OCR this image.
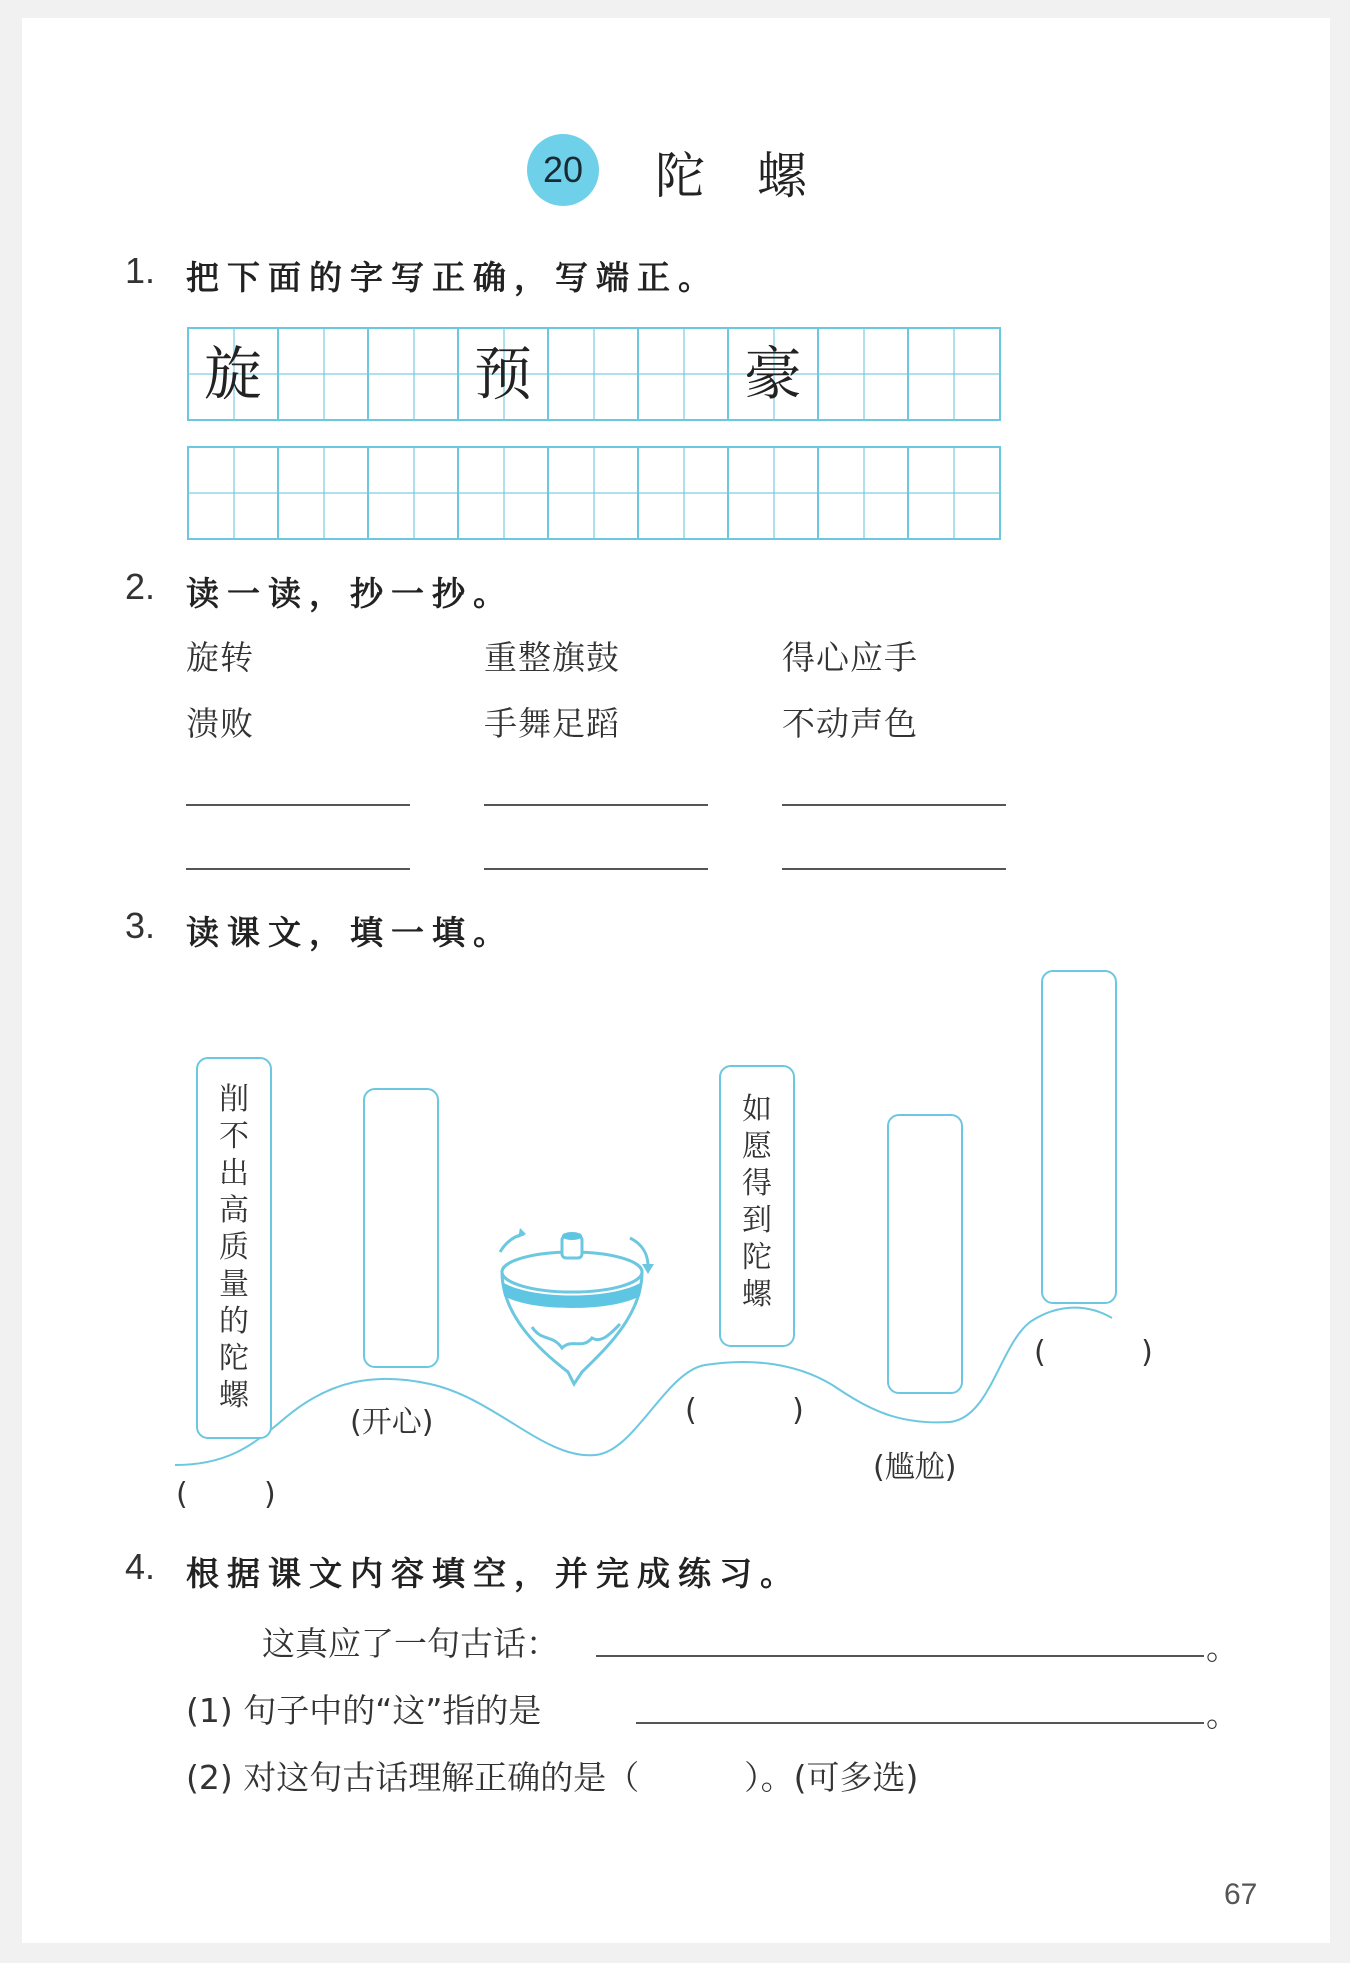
20	陀螺
1. 把下面的字写正确，写端正。
旋	预	豪
2. 读一读，抄一抄。
旋转	重整旗鼓	得心应手
溃败	手舞足蹈	不动声色
3. 读课文，填一填。
削不出高质量的陀螺
如愿得到陀螺
(        )
(开心)	(          )
(尴尬)
(          )
4. 根据课文内容填空，并完成练习。
这真应了一句古话：	。
(1) 句子中的“这”指的是	。
(2) 对这句古话理解正确的是（          ）。(可多选)
67
